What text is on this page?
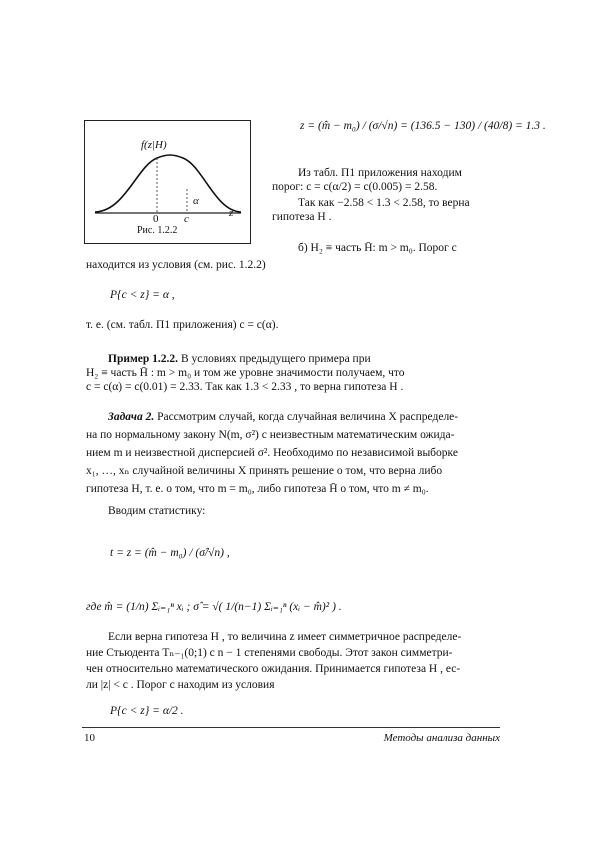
f(z|H)
0 c
α
z
Рис. 1.2.2
z = (m̂ − m₀) / (σ/√n) = (136.5 − 130) / (40/8) = 1.3 .
Из табл. П1 приложения находим
порог: c = c(α/2) = c(0.005) = 2.58.
Так как −2.58 < 1.3 < 2.58, то верна
гипотеза H .
б) H₂ ≡ часть H̄: m > m₀. Порог c
находится из условия (см. рис. 1.2.2)
P{c < z} = α ,
т. е. (см. табл. П1 приложения) c = c(α).
Пример 1.2.2. В условиях предыдущего примера при
H₂ ≡ часть H̄ : m > m₀ и том же уровне значимости получаем, что
c = c(α) = c(0.01) = 2.33. Так как 1.3 < 2.33 , то верна гипотеза H .
Задача 2. Рассмотрим случай, когда случайная величина X распределе-
на по нормальному закону N(m, σ²) с неизвестным математическим ожида-
нием m и неизвестной дисперсией σ². Необходимо по независимой выборке
x₁, …, xₙ случайной величины X принять решение о том, что верна либо
гипотеза H, т. е. о том, что m = m₀, либо гипотеза H̄ о том, что m ≠ m₀.
Вводим статистику:
t = z = (m̂ − m₀) / (σ̂/√n) ,
где m̂ = (1/n) Σᵢ₌₁ⁿ xᵢ ; σ̂ = √( 1/(n−1) Σᵢ₌₁ⁿ (xᵢ − m̂)² ) .
Если верна гипотеза H , то величина z имеет симметричное распределе-
ние Стьюдента Tₙ₋₁(0;1) с n − 1 степенями свободы. Этот закон симметри-
чен относительно математического ожидания. Принимается гипотеза H , ес-
ли |z| < c . Порог c находим из условия
P{c < z} = α/2 .
10	Методы анализа данных
